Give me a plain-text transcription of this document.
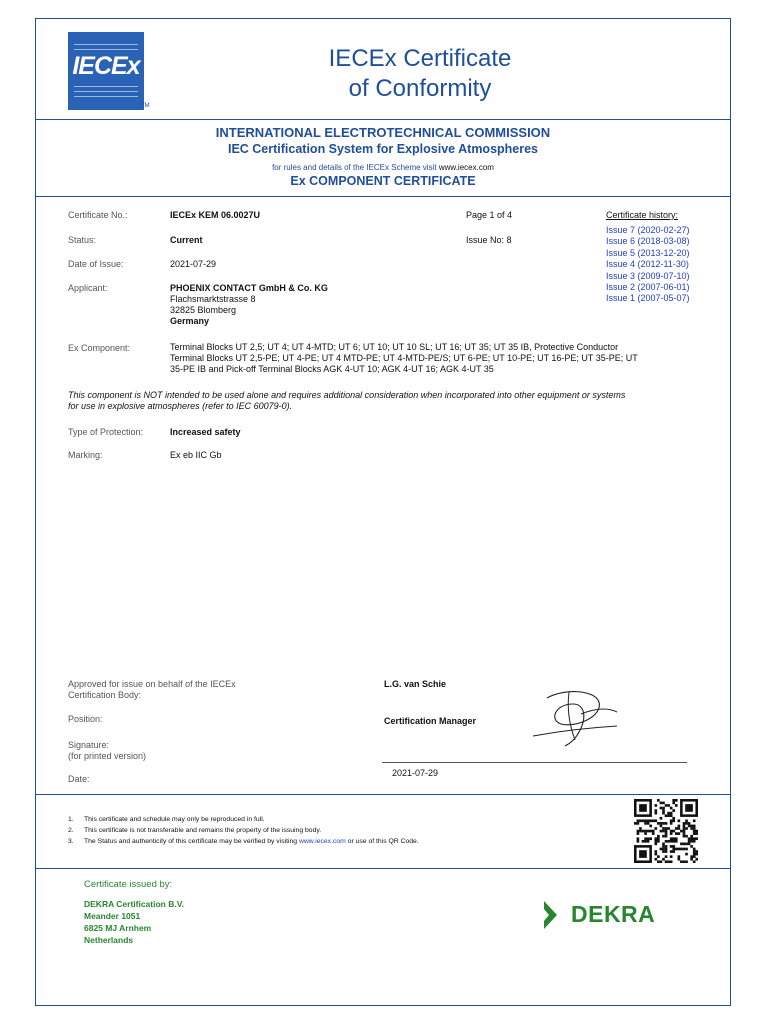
IECEx
TM
IECEx Certificate
of Conformity
INTERNATIONAL ELECTROTECHNICAL COMMISSION
IEC Certification System for Explosive Atmospheres
for rules and details of the IECEx Scheme visit www.iecex.com
Ex COMPONENT CERTIFICATE
Certificate No.:	IECEx KEM 06.0027U	Page 1 of 4
Status:	Current	Issue No: 8
Date of Issue:	2021-07-29
Applicant:	PHOENIX CONTACT GmbH & Co. KG
Flachsmarktstrasse 8
32825 Blomberg
Germany
Certificate history:
Issue 7 (2020-02-27)
Issue 6 (2018-03-08)
Issue 5 (2013-12-20)
Issue 4 (2012-11-30)
Issue 3 (2009-07-10)
Issue 2 (2007-06-01)
Issue 1 (2007-05-07)
Ex Component:	Terminal Blocks UT 2,5; UT 4; UT 4-MTD; UT 6; UT 10; UT 10 SL; UT 16; UT 35; UT 35 IB, Protective Conductor
Terminal Blocks UT 2,5-PE; UT 4-PE; UT 4 MTD-PE; UT 4-MTD-PE/S; UT 6-PE; UT 10-PE; UT 16-PE; UT 35-PE; UT
35-PE IB and Pick-off Terminal Blocks AGK 4-UT 10; AGK 4-UT 16; AGK 4-UT 35
This component is NOT intended to be used alone and requires additional consideration when incorporated into other equipment or systems
for use in explosive atmospheres (refer to IEC 60079-0).
Type of Protection:	Increased safety
Marking:	Ex eb IIC Gb
Approved for issue on behalf of the IECEx
Certification Body:
L.G. van Schie
Position:	Certification Manager
Signature:
(for printed version)
Date:
2021-07-29
1. This certificate and schedule may only be reproduced in full.
2. This certificate is not transferable and remains the property of the issuing body.
3. The Status and authenticity of this certificate may be verified by visiting www.iecex.com or use of this QR Code.
Certificate issued by:
DEKRA Certification B.V.
Meander 1051
6825 MJ Arnhem
Netherlands
DEKRA
